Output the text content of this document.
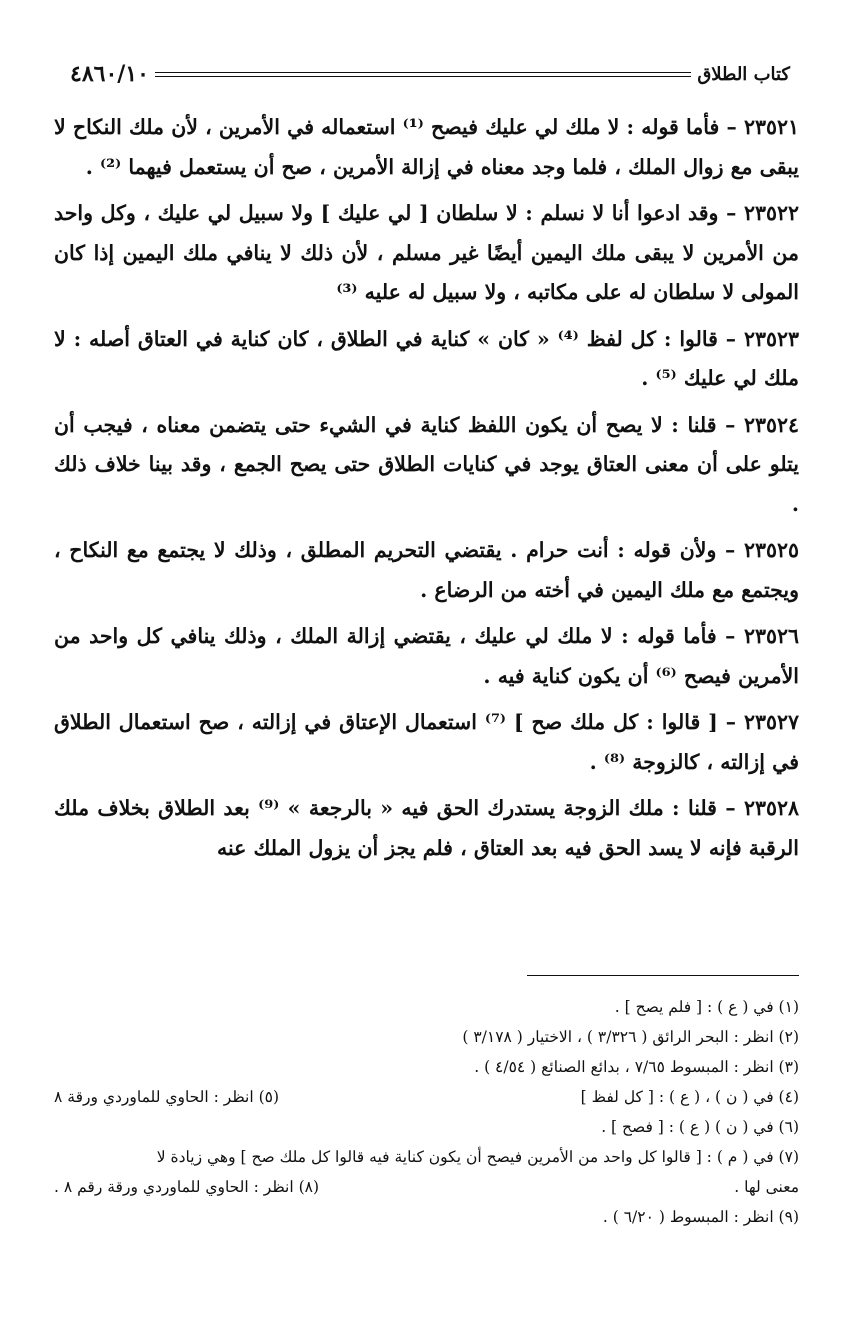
٤٨٦٠/١٠	كتاب الطلاق

٢٣٥٢١ – فأما قوله : لا ملك لي عليك فيصح ⁽¹⁾ استعماله في الأمرين ، لأن ملك النكاح لا يبقى مع زوال الملك ، فلما وجد معناه في إزالة الأمرين ، صح أن يستعمل فيهما ⁽²⁾ .

٢٣٥٢٢ – وقد ادعوا أنا لا نسلم : لا سلطان [ لي عليك ] ولا سبيل لي عليك ، وكل واحد من الأمرين لا يبقى ملك اليمين أيضًا غير مسلم ، لأن ذلك لا ينافي ملك اليمين إذا كان المولى لا سلطان له على مكاتبه ، ولا سبيل له عليه ⁽³⁾

٢٣٥٢٣ – قالوا : كل لفظ ⁽⁴⁾ « كان » كناية في الطلاق ، كان كناية في العتاق أصله : لا ملك لي عليك ⁽⁵⁾ .

٢٣٥٢٤ – قلنا : لا يصح أن يكون اللفظ كناية في الشيء حتى يتضمن معناه ، فيجب أن يتلو على أن معنى العتاق يوجد في كنايات الطلاق حتى يصح الجمع ، وقد بينا خلاف ذلك .

٢٣٥٢٥ – ولأن قوله : أنت حرام . يقتضي التحريم المطلق ، وذلك لا يجتمع مع النكاح ، ويجتمع مع ملك اليمين في أخته من الرضاع .

٢٣٥٢٦ – فأما قوله : لا ملك لي عليك ، يقتضي إزالة الملك ، وذلك ينافي كل واحد من الأمرين فيصح ⁽⁶⁾ أن يكون كناية فيه .

٢٣٥٢٧ – [ قالوا : كل ملك صح ] ⁽⁷⁾ استعمال الإعتاق في إزالته ، صح استعمال الطلاق في إزالته ، كالزوجة ⁽⁸⁾ .

٢٣٥٢٨ – قلنا : ملك الزوجة يستدرك الحق فيه « بالرجعة » ⁽⁹⁾ بعد الطلاق بخلاف ملك الرقبة فإنه لا يسد الحق فيه بعد العتاق ، فلم يجز أن يزول الملك عنه

(١) في ( ع ) : [ فلم يصح ] .

(٢) انظر : البحر الرائق ( ٣/٣٢٦ ) ، الاختيار ( ٣/١٧٨ )

(٣) انظر : المبسوط ٧/٦٥ ، بدائع الصنائع ( ٤/٥٤ ) .

(٤) في ( ن ) ، ( ع ) : [ كل لفظ ]
(٥) انظر : الحاوي للماوردي ورقة ٨

(٦) في ( ن ) ( ع ) : [ فصح ] .

(٧) في ( م ) : [ قالوا كل واحد من الأمرين فيصح أن يكون كناية فيه قالوا كل ملك صح ] وهي زيادة لا

معنى لها .
(٨) انظر : الحاوي للماوردي ورقة رقم ٨ .

(٩) انظر : المبسوط ( ٦/٢٠ ) .
